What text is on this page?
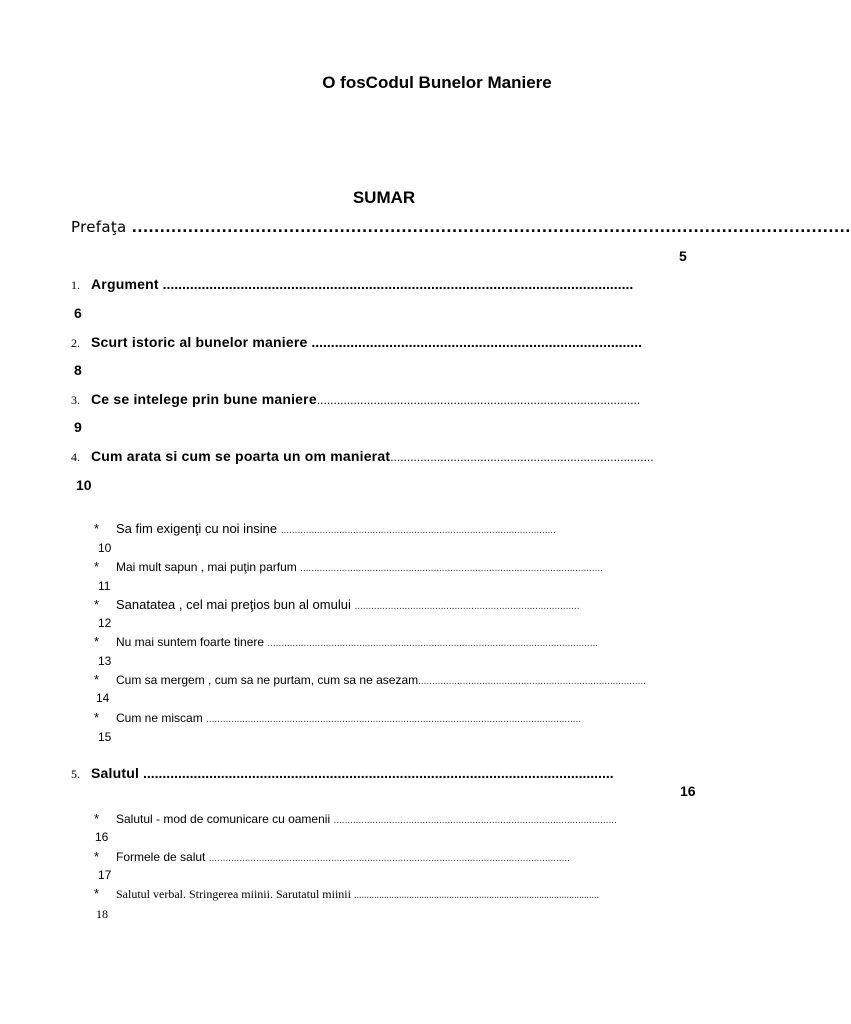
O fosCodul Bunelor Maniere
SUMAR
Prefaţa ................................................................................................................................
5
1. Argument .........................................................................................................................
6
2. Scurt istoric al bunelor maniere .....................................................................................
8
3. Ce se intelege prin bune maniere.................................................................................................
9
4. Cum arata si cum se poarta un om manierat...............................................................................
10
* Sa fim exigenţi cu noi insine ...................................................................................................
10
* Mai mult sapun , mai puţin parfum .............................................................................................................
11
* Sanatatea , cel mai preţios bun al omului .................................................................................
12
* Nu mai suntem foarte tinere .......................................................................................................................
13
* Cum sa mergem , cum sa ne purtam, cum sa ne asezam..................................................................................
14
* Cum ne miscam .......................................................................................................................................
15
5. Salutul .........................................................................................................................
16
* Salutul - mod de comunicare cu oamenii ......................................................................................................
16
* Formele de salut ..................................................................................................................................
17
* Salutul verbal. Stringerea miinii. Sarutatul miinii ..................................................................................................
18
